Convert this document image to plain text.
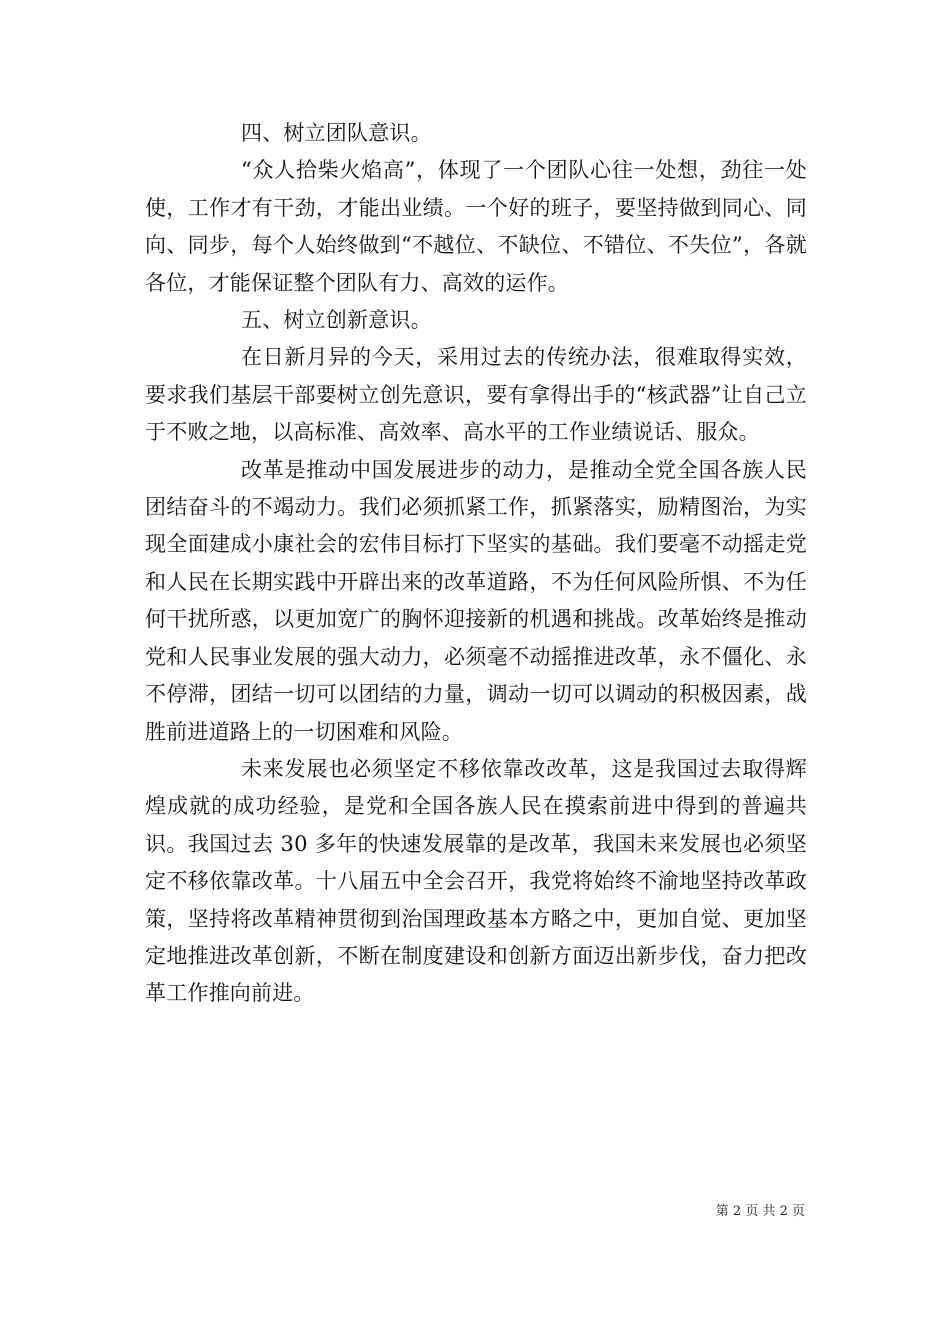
四、树立团队意识。

“众人拾柴火焰高”，体现了一个团队心往一处想，劲往一处使，工作才有干劲，才能出业绩。一个好的班子，要坚持做到同心、同向、同步，每个人始终做到“不越位、不缺位、不错位、不失位”，各就各位，才能保证整个团队有力、高效的运作。

五、树立创新意识。

在日新月异的今天，采用过去的传统办法，很难取得实效，要求我们基层干部要树立创先意识，要有拿得出手的“核武器”让自己立于不败之地，以高标准、高效率、高水平的工作业绩说话、服众。

改革是推动中国发展进步的动力，是推动全党全国各族人民团结奋斗的不竭动力。我们必须抓紧工作，抓紧落实，励精图治，为实现全面建成小康社会的宏伟目标打下坚实的基础。我们要毫不动摇走党和人民在长期实践中开辟出来的改革道路，不为任何风险所惧、不为任何干扰所惑，以更加宽广的胸怀迎接新的机遇和挑战。改革始终是推动党和人民事业发展的强大动力，必须毫不动摇推进改革，永不僵化、永不停滞，团结一切可以团结的力量，调动一切可以调动的积极因素，战胜前进道路上的一切困难和风险。

未来发展也必须坚定不移依靠改改革，这是我国过去取得辉煌成就的成功经验，是党和全国各族人民在摸索前进中得到的普遍共识。我国过去 30 多年的快速发展靠的是改革，我国未来发展也必须坚定不移依靠改革。十八届五中全会召开，我党将始终不渝地坚持改革政策，坚持将改革精神贯彻到治国理政基本方略之中，更加自觉、更加坚定地推进改革创新，不断在制度建设和创新方面迈出新步伐，奋力把改革工作推向前进。

第 2 页 共 2 页
